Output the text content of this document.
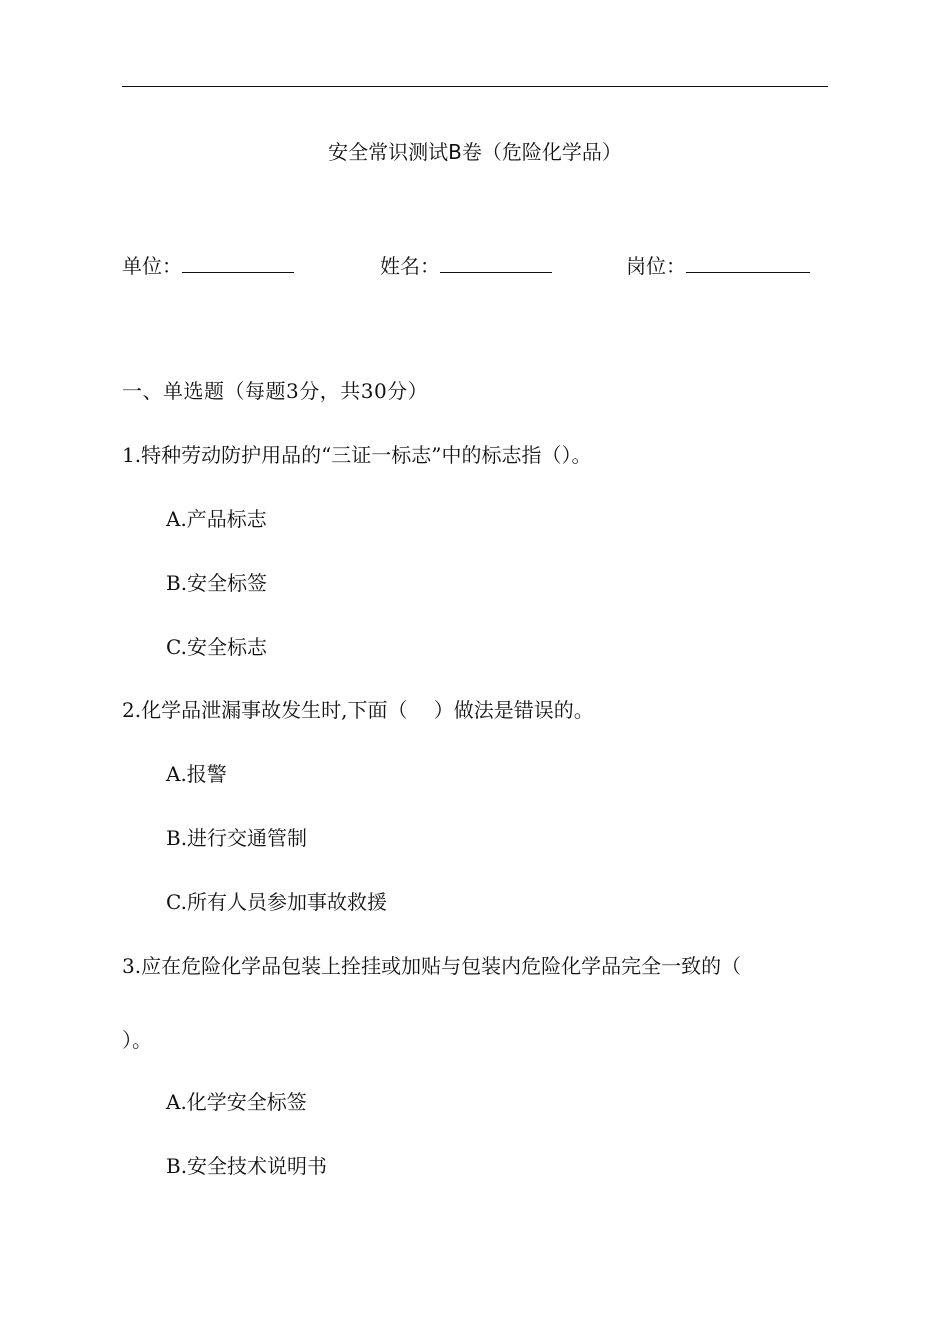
安全常识测试B卷（危险化学品）
单位：	姓名：	岗位：
一、单选题（每题3分，共30分）
1.特种劳动防护用品的“三证一标志”中的标志指（）。
A.产品标志
B.安全标签
C.安全标志
2.化学品泄漏事故发生时,下面（　 ）做法是错误的。
A.报警
B.进行交通管制
C.所有人员参加事故救援
3.应在危险化学品包装上拴挂或加贴与包装内危险化学品完全一致的（
）。
A.化学安全标签
B.安全技术说明书
